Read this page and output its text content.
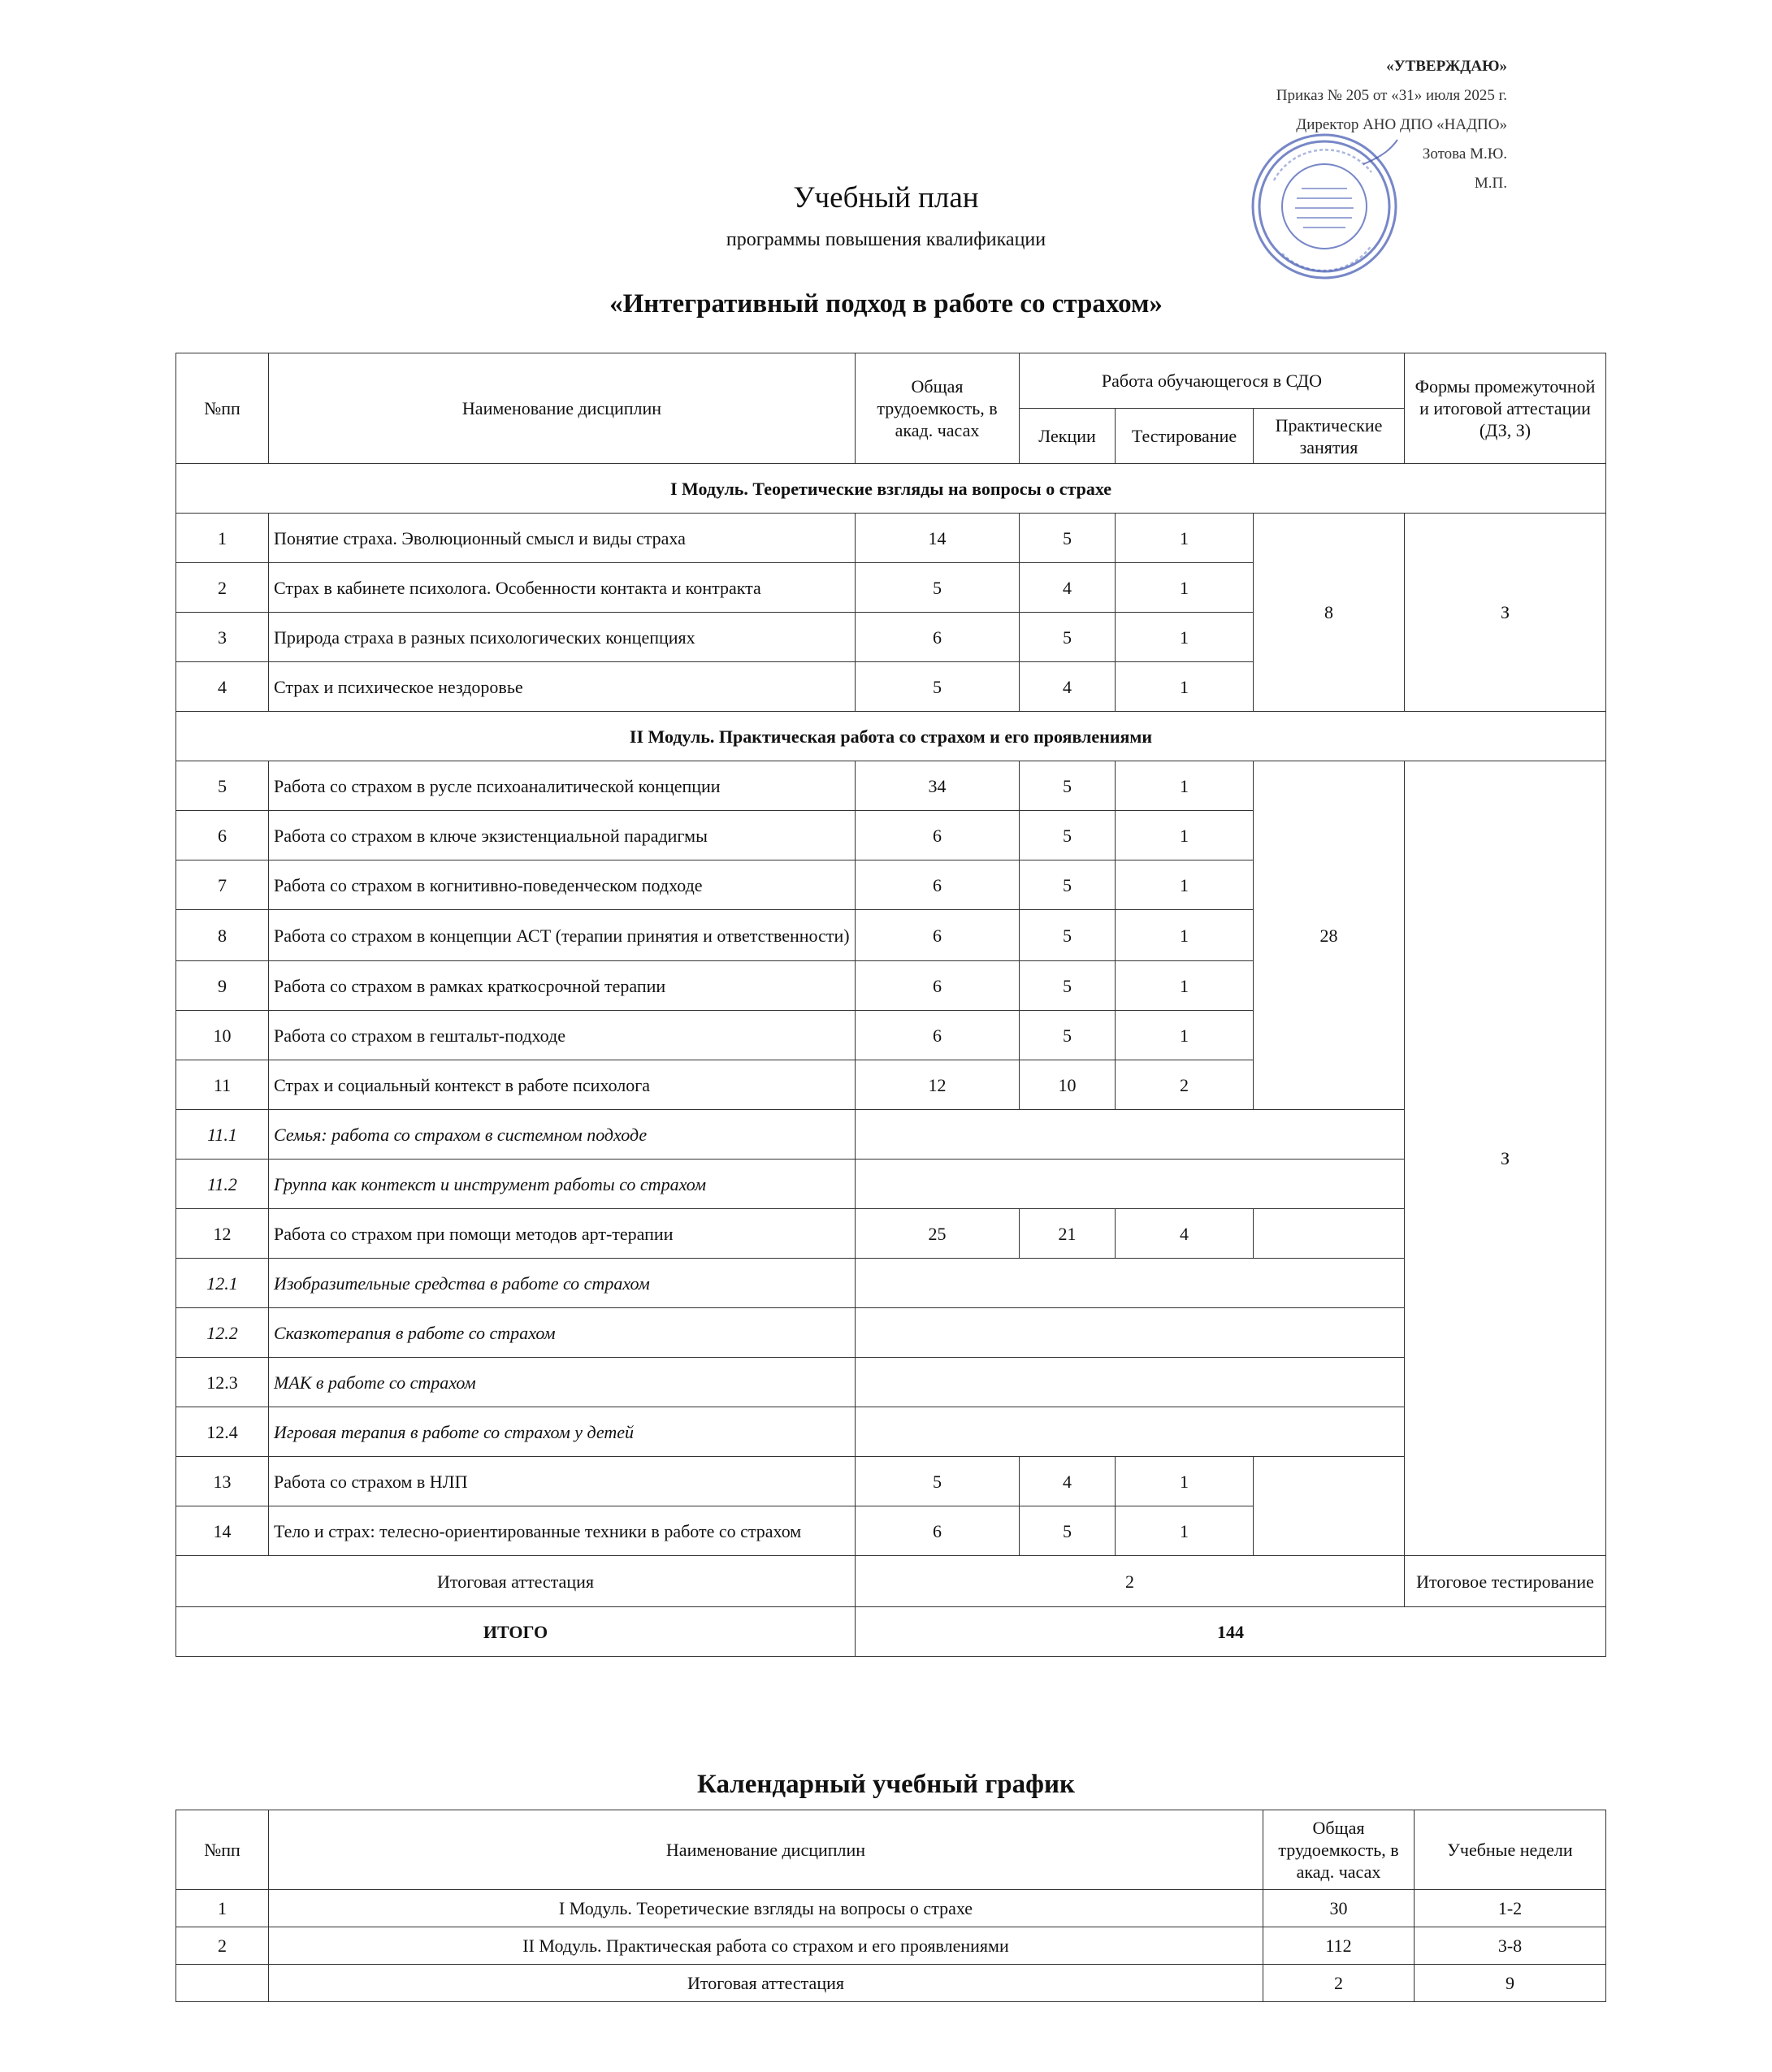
«УТВЕРЖДАЮ»
Приказ № 205 от «31» июля 2025 г.
Директор АНО ДПО «НАДПО»
Зотова М.Ю.
М.П.
Учебный план
программы повышения квалификации
«Интегративный подход в работе со страхом»
№пп	Наименование дисциплин	Общая трудоемкость, в акад. часах	Работа обучающегося в СДО			Формы промежуточной и итоговой аттестации (ДЗ, З)
			Лекции	Тестирование	Практические занятия	
I Модуль. Теоретические взгляды на вопросы о страхе						
1	Понятие страха. Эволюционный смысл и виды страха	14	5	1	8	З
2	Страх в кабинете психолога. Особенности контакта и контракта	5	4	1		
3	Природа страха в разных психологических концепциях	6	5	1		
4	Страх и психическое нездоровье	5	4	1		
II Модуль. Практическая работа со страхом и его проявлениями						
5	Работа со страхом в русле психоаналитической концепции	34	5	1	28	З
6	Работа со страхом в ключе экзистенциальной парадигмы	6	5	1		
7	Работа со страхом в когнитивно-поведенческом подходе	6	5	1		
8	Работа со страхом в концепции АСТ (терапии принятия и ответственности)	6	5	1		
9	Работа со страхом в рамках краткосрочной терапии	6	5	1		
10	Работа со страхом в гештальт-подходе	6	5	1		
11	Страх и социальный контекст в работе психолога	12	10	2		
11.1	Семья: работа со страхом в системном подходе					
11.2	Группа как контекст и инструмент работы со страхом					
12	Работа со страхом при помощи методов арт-терапии	25	21	4		
12.1	Изобразительные средства в работе со страхом					
12.2	Сказкотерапия в работе со страхом					
12.3	МАК в работе со страхом					
12.4	Игровая терапия в работе со страхом у детей					
13	Работа со страхом в НЛП	5	4	1		
14	Тело и страх: телесно-ориентированные техники в работе со страхом	6	5	1		
Итоговая аттестация		2				Итоговое тестирование
ИТОГО		144				
Календарный учебный график
№пп	Наименование дисциплин	Общая трудоемкость, в акад. часах	Учебные недели
1	I Модуль. Теоретические взгляды на вопросы о страхе	30	1-2
2	II Модуль. Практическая работа со страхом и его проявлениями	112	3-8
	Итоговая аттестация	2	9
